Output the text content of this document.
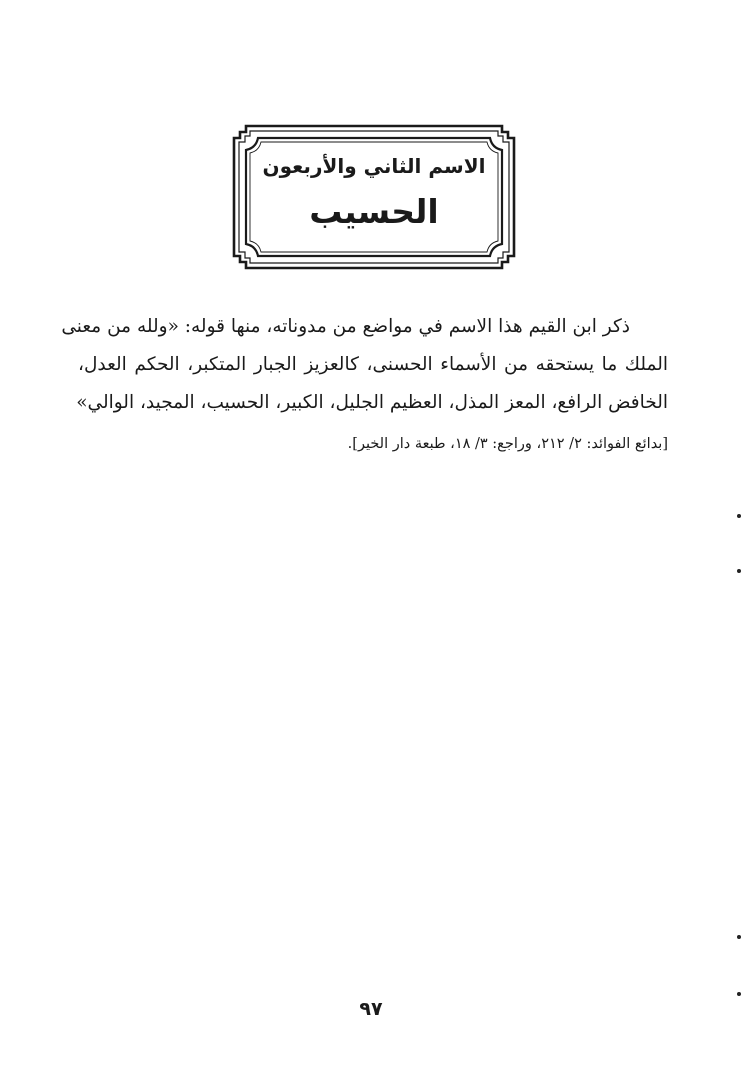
الاسم الثاني والأربعون
الحسيب
ذكر ابن القيم هذا الاسم في مواضع من مدوناته، منها قوله: «ولله من معنى
الملك ما يستحقه من الأسماء الحسنى، كالعزيز الجبار المتكبر، الحكم العدل،
الخافض الرافع، المعز المذل، العظيم الجليل، الكبير، الحسيب، المجيد، الوالي»
[بدائع الفوائد: ٢/ ٢١٢، وراجع: ٣/ ١٨، طبعة دار الخير].
٩٧
